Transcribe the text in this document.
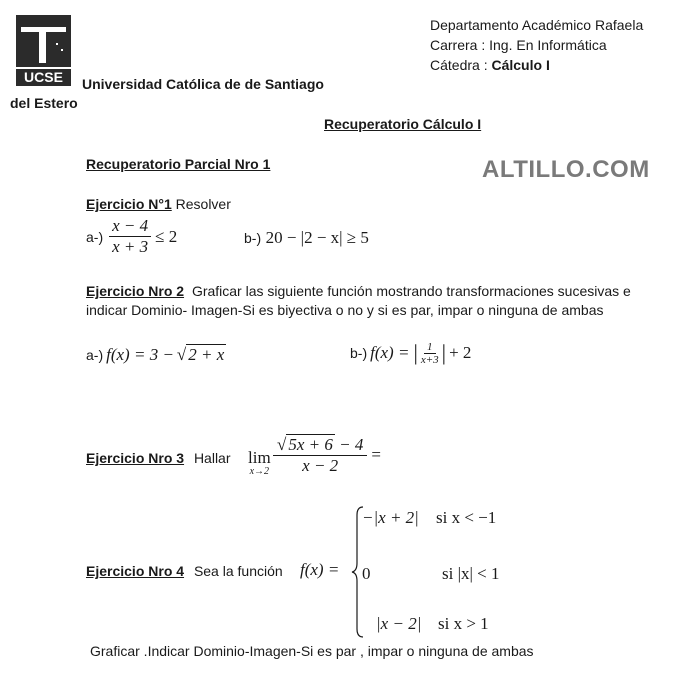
UCSE Universidad Católica de de Santiago
del Estero
Departamento Académico Rafaela
Carrera : Ing. En Informática
Cátedra : Cálculo I
Recuperatorio Cálculo I
Recuperatorio Parcial Nro 1	ALTILLO.COM
Ejercicio N°1 Resolver
$a-) \frac{x - 4}{x + 3} \le 2$	b-) 20 − |2 − x| ≥ 5
Ejercicio Nro 2 Graficar las siguiente función mostrando transformaciones sucesivas e
indicar Dominio- Imagen-Si es biyectiva o no y si es par, impar o ninguna de ambas
a-) f(x) = 3 − √ 2 + x	b-) f(x) = | $\frac{1}{x+3}$ | + 2
Ejercicio Nro 3 Hallar lim
$x\to 2 \frac{√ 5x + 6 - 4}{x - 2}$ =
Ejercicio Nro 4 Sea la función f(x) =
−|x + 2| si x < −1
0	si |x| < 1
|x − 2| si x > 1
Graficar .Indicar Dominio-Imagen-Si es par , impar o ninguna de ambas
